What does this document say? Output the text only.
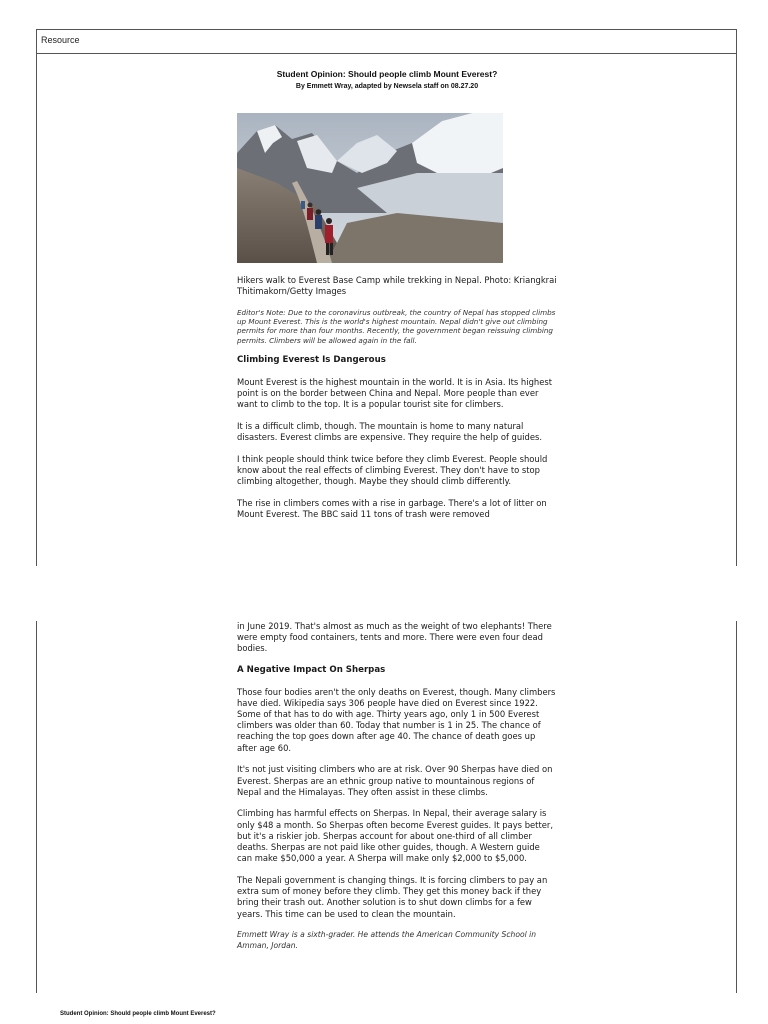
Resource
Student Opinion: Should people climb Mount Everest?
By Emmett Wray, adapted by Newsela staff on 08.27.20

Hikers walk to Everest Base Camp while trekking in Nepal. Photo: Kriangkrai Thitimakorn/Getty Images

Editor's Note: Due to the coronavirus outbreak, the country of Nepal has stopped climbs up Mount Everest. This is the world's highest mountain. Nepal didn't give out climbing permits for more than four months. Recently, the government began reissuing climbing permits. Climbers will be allowed again in the fall.

Climbing Everest Is Dangerous

Mount Everest is the highest mountain in the world. It is in Asia. Its highest point is on the border between China and Nepal. More people than ever want to climb to the top. It is a popular tourist site for climbers.

It is a difficult climb, though. The mountain is home to many natural disasters. Everest climbs are expensive. They require the help of guides.

I think people should think twice before they climb Everest. People should know about the real effects of climbing Everest. They don't have to stop climbing altogether, though. Maybe they should climb differently.

The rise in climbers comes with a rise in garbage. There's a lot of litter on Mount Everest. The BBC said 11 tons of trash were removed

in June 2019. That's almost as much as the weight of two elephants! There were empty food containers, tents and more. There were even four dead bodies.

A Negative Impact On Sherpas

Those four bodies aren't the only deaths on Everest, though. Many climbers have died. Wikipedia says 306 people have died on Everest since 1922. Some of that has to do with age. Thirty years ago, only 1 in 500 Everest climbers was older than 60. Today that number is 1 in 25. The chance of reaching the top goes down after age 40. The chance of death goes up after age 60.

It's not just visiting climbers who are at risk. Over 90 Sherpas have died on Everest. Sherpas are an ethnic group native to mountainous regions of Nepal and the Himalayas. They often assist in these climbs.

Climbing has harmful effects on Sherpas. In Nepal, their average salary is only $48 a month. So Sherpas often become Everest guides. It pays better, but it's a riskier job. Sherpas account for about one-third of all climber deaths. Sherpas are not paid like other guides, though. A Western guide can make $50,000 a year. A Sherpa will make only $2,000 to $5,000.

The Nepali government is changing things. It is forcing climbers to pay an extra sum of money before they climb. They get this money back if they bring their trash out. Another solution is to shut down climbs for a few years. This time can be used to clean the mountain.

Emmett Wray is a sixth-grader. He attends the American Community School in Amman, Jordan.

Student Opinion: Should people climb Mount Everest?
